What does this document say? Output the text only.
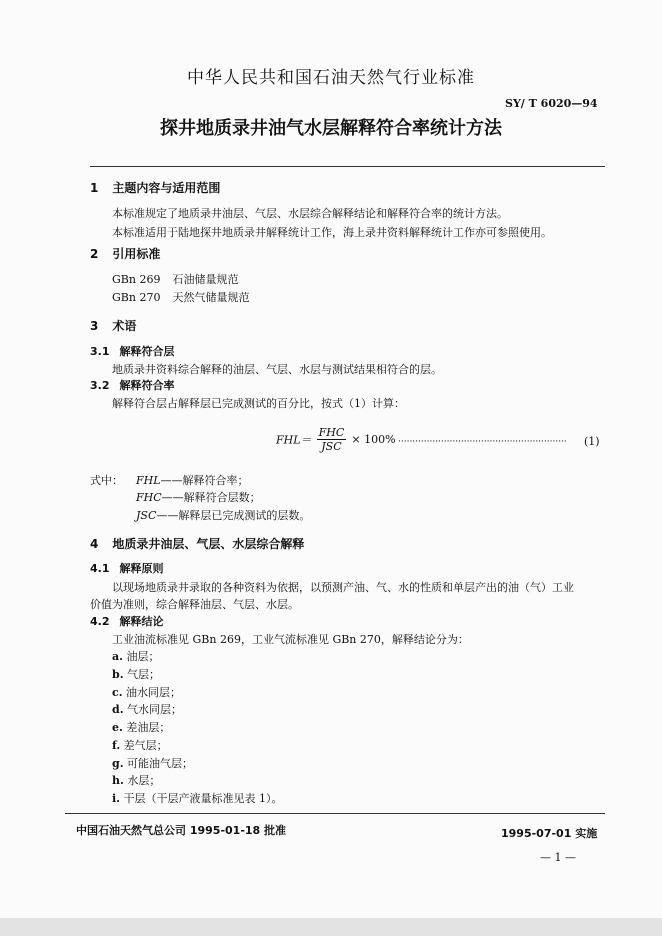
中华人民共和国石油天然气行业标准
SY/ T 6020—94
探井地质录井油气水层解释符合率统计方法
1 主题内容与适用范围
本标准规定了地质录井油层、气层、水层综合解释结论和解释符合率的统计方法。
本标准适用于陆地探井地质录井解释统计工作，海上录井资料解释统计工作亦可参照使用。
2 引用标准
GBn 269 石油储量规范
GBn 270 天然气储量规范
3 术语
3.1 解释符合层
地质录井资料综合解释的油层、气层、水层与测试结果相符合的层。
3.2 解释符合率
解释符合层占解释层已完成测试的百分比，按式（1）计算：
$FHL= \frac{\text{FHC}}{\text{JSC}} \times 100\%$ ···························································	(1)
式中： FHL——解释符合率；
FHC——解释符合层数；
JSC——解释层已完成测试的层数。
4 地质录井油层、气层、水层综合解释
4.1 解释原则
以现场地质录井录取的各种资料为依据，以预测产油、气、水的性质和单层产出的油（气）工业
价值为准则，综合解释油层、气层、水层。
4.2 解释结论
工业油流标准见 GBn 269，工业气流标准见 GBn 270，解释结论分为：
a. 油层；
b. 气层；
c. 油水同层；
d. 气水同层；
e. 差油层；
f. 差气层；
g. 可能油气层；
h. 水层；
i. 干层（干层产液量标准见表 1）。
中国石油天然气总公司 1995-01-18 批准	1995-07-01 实施
— 1 —
